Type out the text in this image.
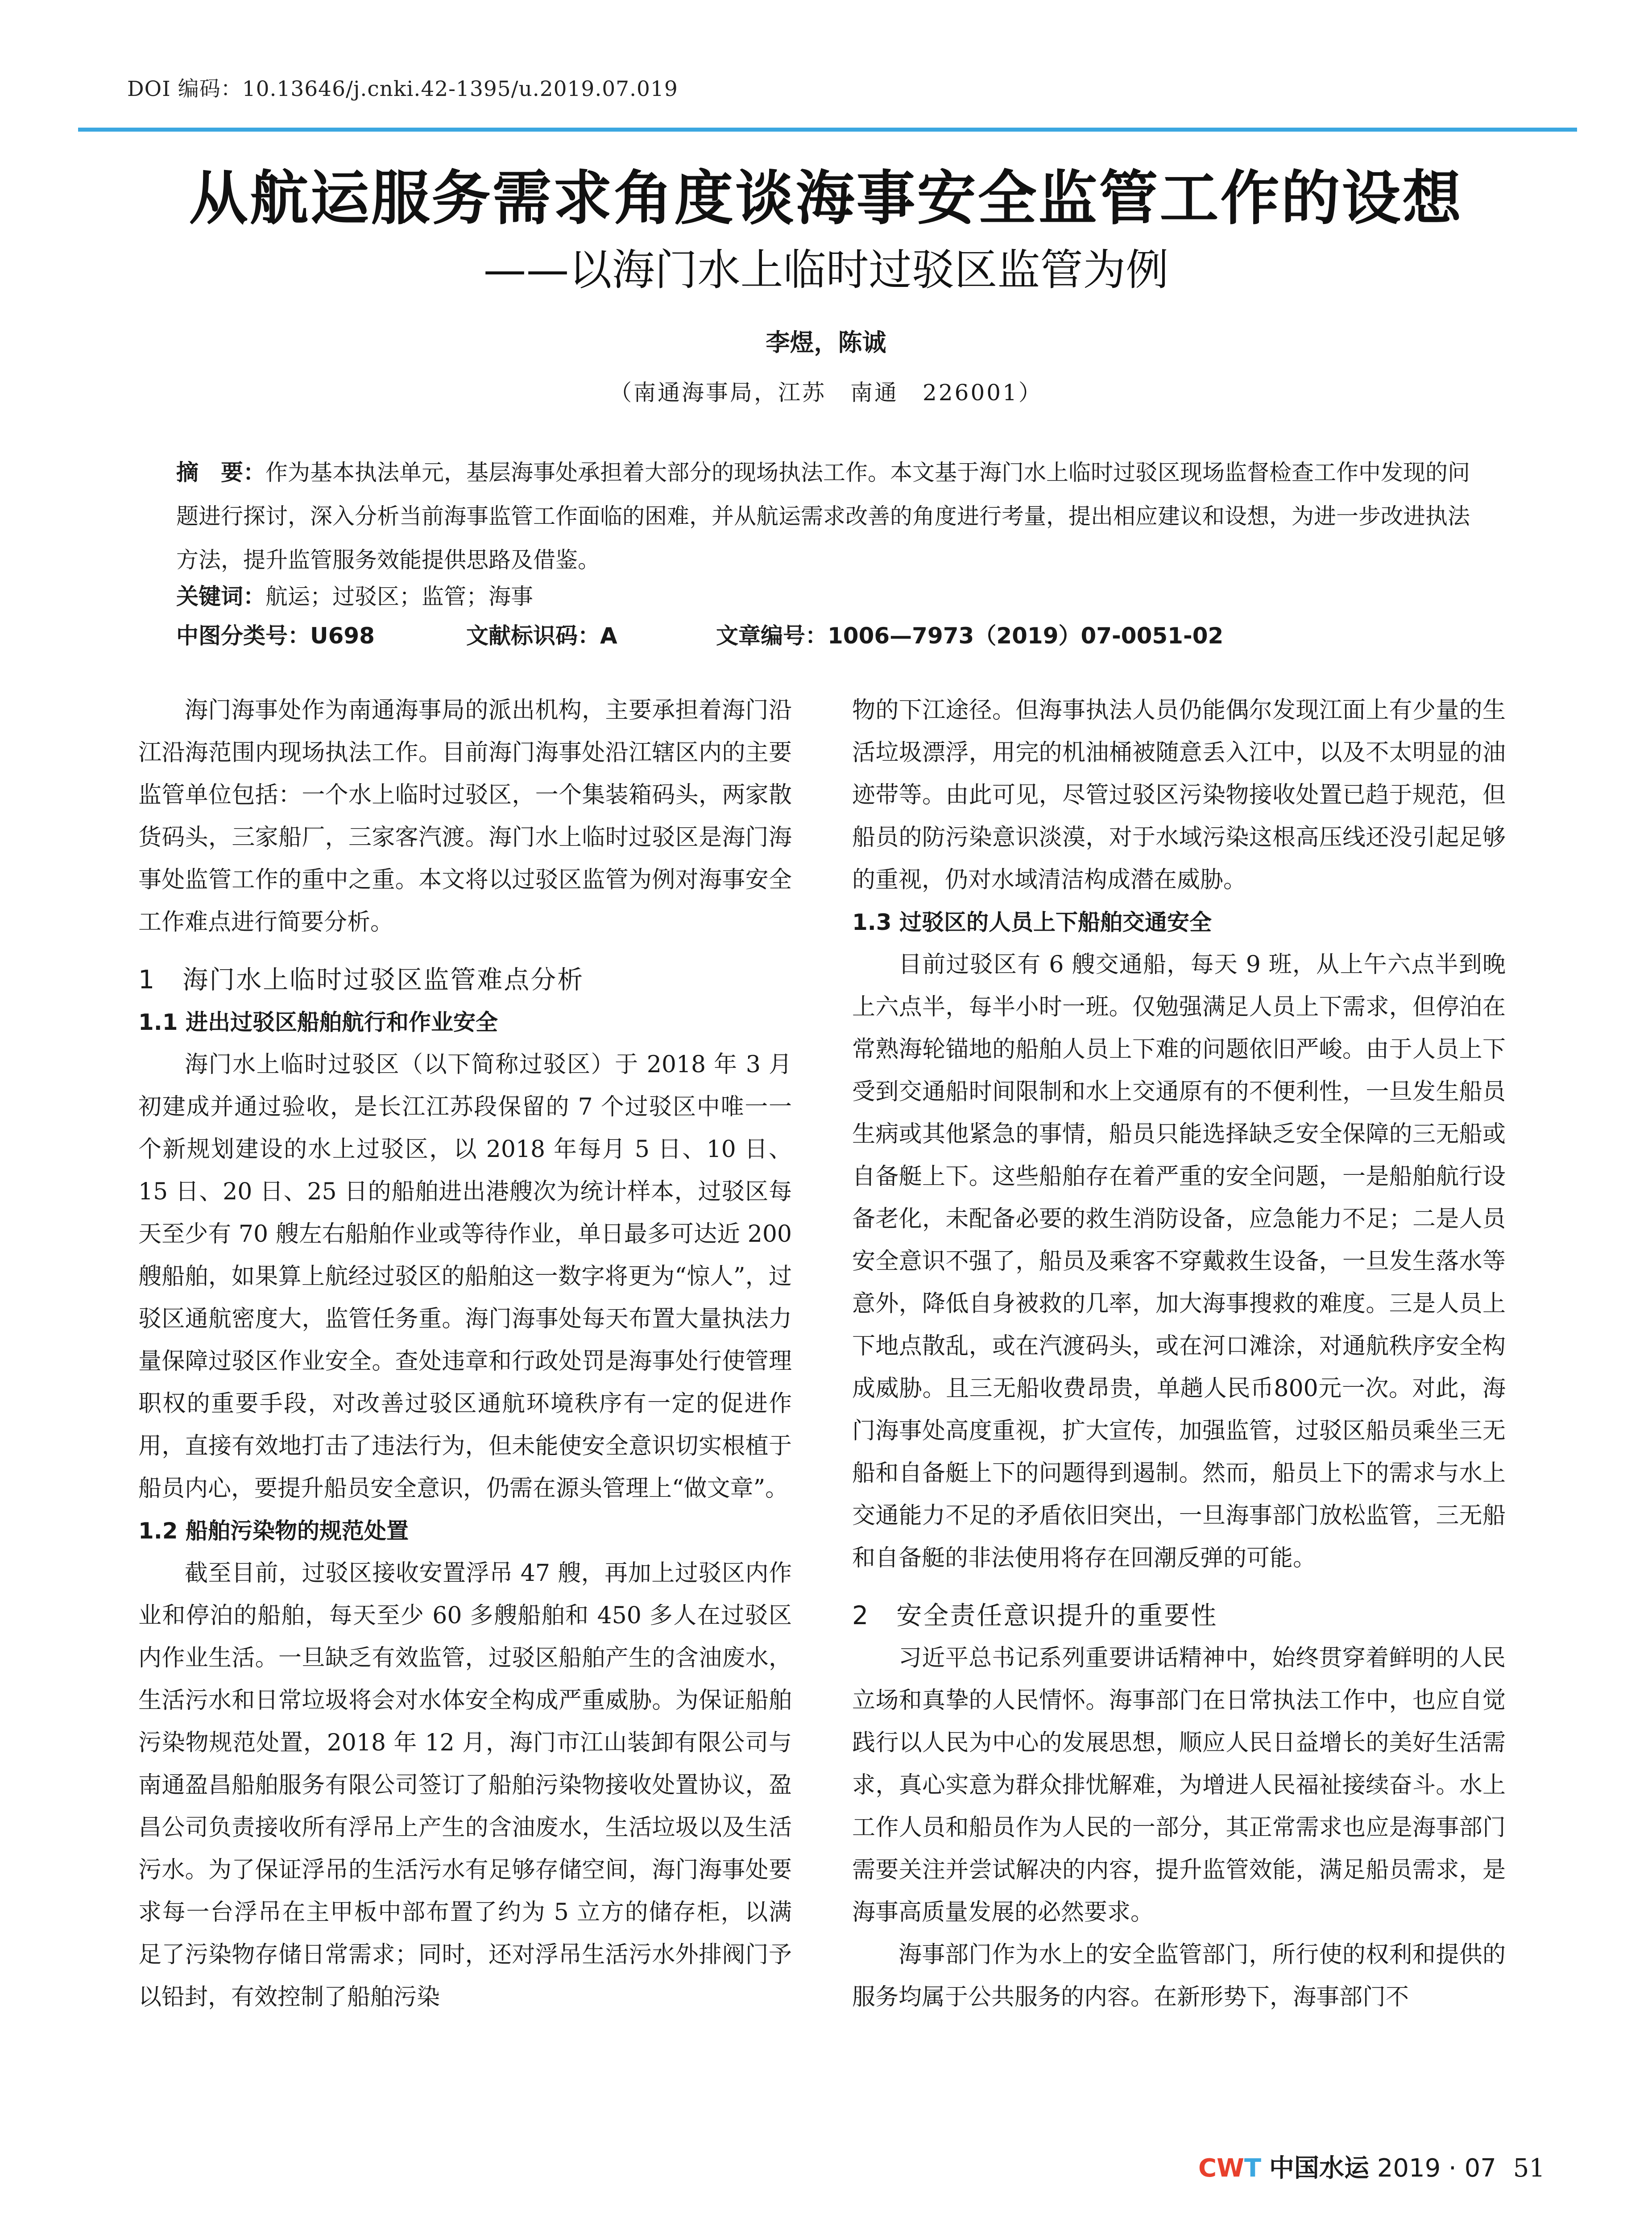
DOI 编码：10.13646/j.cnki.42-1395/u.2019.07.019
从航运服务需求角度谈海事安全监管工作的设想
——以海门水上临时过驳区监管为例
李煜，陈诚
（南通海事局，江苏　南通　226001）
摘　要：作为基本执法单元，基层海事处承担着大部分的现场执法工作。本文基于海门水上临时过驳区现场监督检查工作中发现的问题进行探讨，深入分析当前海事监管工作面临的困难，并从航运需求改善的角度进行考量，提出相应建议和设想，为进一步改进执法方法，提升监管服务效能提供思路及借鉴。
关键词：航运；过驳区；监管；海事
中图分类号：U698	文献标识码：A	文章编号：1006—7973（2019）07-0051-02

海门海事处作为南通海事局的派出机构，主要承担着海门沿江沿海范围内现场执法工作。目前海门海事处沿江辖区内的主要监管单位包括：一个水上临时过驳区，一个集装箱码头，两家散货码头，三家船厂，三家客汽渡。海门水上临时过驳区是海门海事处监管工作的重中之重。本文将以过驳区监管为例对海事安全工作难点进行简要分析。

1　海门水上临时过驳区监管难点分析
1.1 进出过驳区船舶航行和作业安全

海门水上临时过驳区（以下简称过驳区）于 2018 年 3 月初建成并通过验收，是长江江苏段保留的 7 个过驳区中唯一一个新规划建设的水上过驳区，以 2018 年每月 5 日、10 日、15 日、20 日、25 日的船舶进出港艘次为统计样本，过驳区每天至少有 70 艘左右船舶作业或等待作业，单日最多可达近 200 艘船舶，如果算上航经过驳区的船舶这一数字将更为“惊人”，过驳区通航密度大，监管任务重。海门海事处每天布置大量执法力量保障过驳区作业安全。查处违章和行政处罚是海事处行使管理职权的重要手段，对改善过驳区通航环境秩序有一定的促进作用，直接有效地打击了违法行为，但未能使安全意识切实根植于船员内心，要提升船员安全意识，仍需在源头管理上“做文章”。

1.2 船舶污染物的规范处置

截至目前，过驳区接收安置浮吊 47 艘，再加上过驳区内作业和停泊的船舶，每天至少 60 多艘船舶和 450 多人在过驳区内作业生活。一旦缺乏有效监管，过驳区船舶产生的含油废水，生活污水和日常垃圾将会对水体安全构成严重威胁。为保证船舶污染物规范处置，2018 年 12 月，海门市江山装卸有限公司与南通盈昌船舶服务有限公司签订了船舶污染物接收处置协议，盈昌公司负责接收所有浮吊上产生的含油废水，生活垃圾以及生活污水。为了保证浮吊的生活污水有足够存储空间，海门海事处要求每一台浮吊在主甲板中部布置了约为 5 立方的储存柜，以满足了污染物存储日常需求；同时，还对浮吊生活污水外排阀门予以铅封，有效控制了船舶污染

物的下江途径。但海事执法人员仍能偶尔发现江面上有少量的生活垃圾漂浮，用完的机油桶被随意丢入江中，以及不太明显的油迹带等。由此可见，尽管过驳区污染物接收处置已趋于规范，但船员的防污染意识淡漠，对于水域污染这根高压线还没引起足够的重视，仍对水域清洁构成潜在威胁。

1.3 过驳区的人员上下船舶交通安全

目前过驳区有 6 艘交通船，每天 9 班，从上午六点半到晚上六点半，每半小时一班。仅勉强满足人员上下需求，但停泊在常熟海轮锚地的船舶人员上下难的问题依旧严峻。由于人员上下受到交通船时间限制和水上交通原有的不便利性，一旦发生船员生病或其他紧急的事情，船员只能选择缺乏安全保障的三无船或自备艇上下。这些船舶存在着严重的安全问题，一是船舶航行设备老化，未配备必要的救生消防设备，应急能力不足；二是人员安全意识不强了，船员及乘客不穿戴救生设备，一旦发生落水等意外，降低自身被救的几率，加大海事搜救的难度。三是人员上下地点散乱，或在汽渡码头，或在河口滩涂，对通航秩序安全构成威胁。且三无船收费昂贵，单趟人民币800元一次。对此，海门海事处高度重视，扩大宣传，加强监管，过驳区船员乘坐三无船和自备艇上下的问题得到遏制。然而，船员上下的需求与水上交通能力不足的矛盾依旧突出，一旦海事部门放松监管，三无船和自备艇的非法使用将存在回潮反弹的可能。

2　安全责任意识提升的重要性

习近平总书记系列重要讲话精神中，始终贯穿着鲜明的人民立场和真挚的人民情怀。海事部门在日常执法工作中，也应自觉践行以人民为中心的发展思想，顺应人民日益增长的美好生活需求，真心实意为群众排忧解难，为增进人民福祉接续奋斗。水上工作人员和船员作为人民的一部分，其正常需求也应是海事部门需要关注并尝试解决的内容，提升监管效能，满足船员需求，是海事高质量发展的必然要求。

海事部门作为水上的安全监管部门，所行使的权利和提供的服务均属于公共服务的内容。在新形势下，海事部门不

CWT 中国水运 2019 · 07 51
